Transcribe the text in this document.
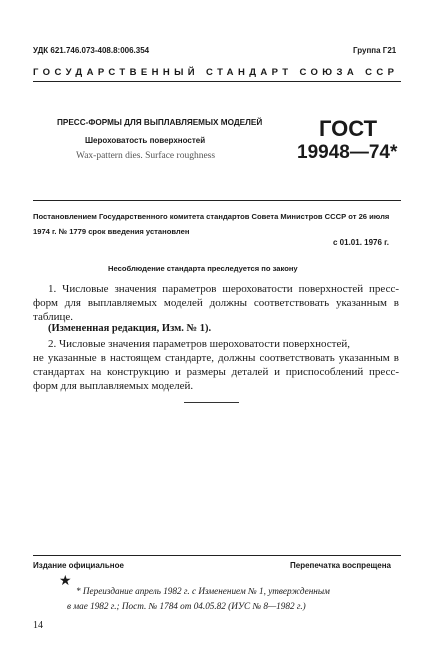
УДК 621.746.073-408.8:006.354	Группа Г21
ГОСУДАРСТВЕННЫЙ СТАНДАРТ СОЮЗА ССР
ПРЕСС-ФОРМЫ ДЛЯ ВЫПЛАВЛЯЕМЫХ МОДЕЛЕЙ
Шероховатость поверхностей
Wax-pattern dies. Surface roughness
ГОСТ
19948—74*
Постановлением Государственного комитета стандартов Совета Министров СССР от 26 июля 1974 г. № 1779 срок введения установлен
с 01.01. 1976 г.
Несоблюдение стандарта преследуется по закону
1. Числовые значения параметров шероховатости поверхностей пресс-форм для выплавляемых моделей должны соответствовать указанным в таблице.
(Измененная редакция, Изм. № 1).
2. Числовые значения параметров шероховатости поверхностей,
не указанные в настоящем стандарте, должны соответствовать указанным в стандартах на конструкцию и размеры деталей и приспособлений пресс-форм для выплавляемых моделей.
Издание официальное	Перепечатка воспрещена
★
* Переиздание апрель 1982 г. с Изменением № 1, утвержденным
в мае 1982 г.; Пост. № 1784 от 04.05.82 (ИУС № 8—1982 г.)
14
